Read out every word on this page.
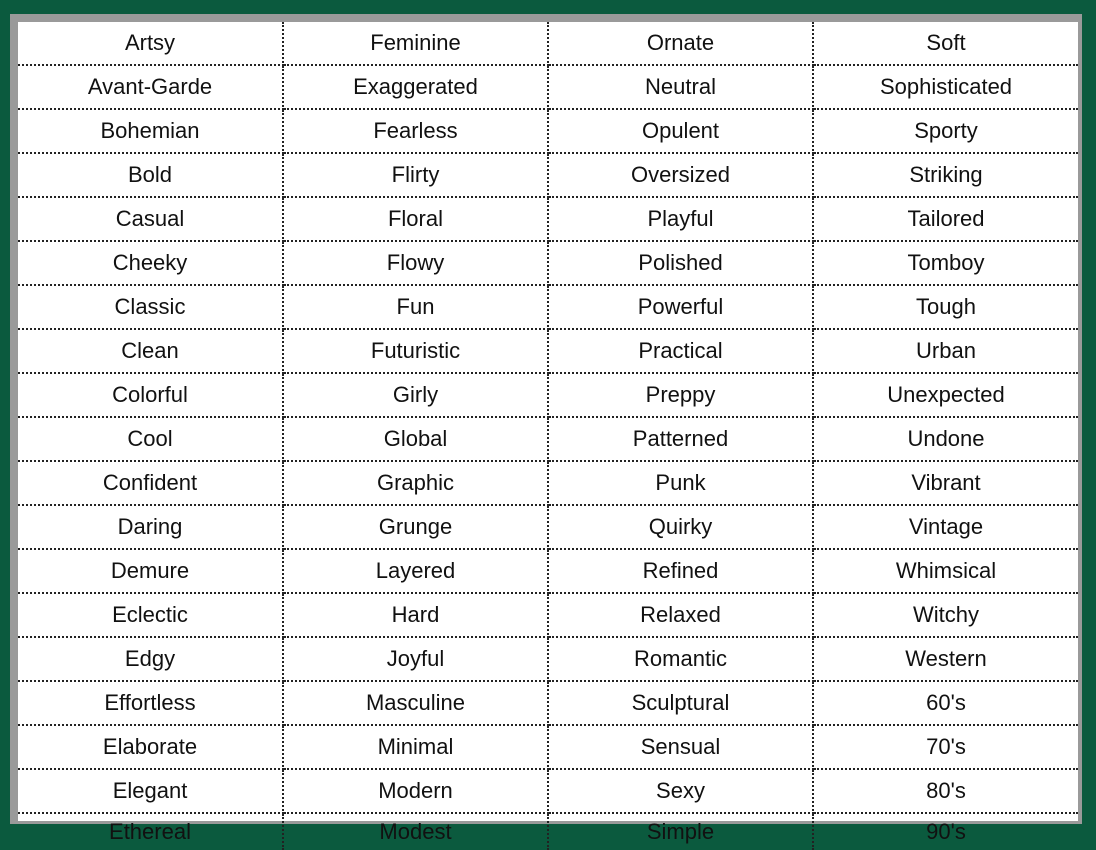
Artsy	Feminine	Ornate	Soft
Avant-Garde	Exaggerated	Neutral	Sophisticated
Bohemian	Fearless	Opulent	Sporty
Bold	Flirty	Oversized	Striking
Casual	Floral	Playful	Tailored
Cheeky	Flowy	Polished	Tomboy
Classic	Fun	Powerful	Tough
Clean	Futuristic	Practical	Urban
Colorful	Girly	Preppy	Unexpected
Cool	Global	Patterned	Undone
Confident	Graphic	Punk	Vibrant
Daring	Grunge	Quirky	Vintage
Demure	Layered	Refined	Whimsical
Eclectic	Hard	Relaxed	Witchy
Edgy	Joyful	Romantic	Western
Effortless	Masculine	Sculptural	60's
Elaborate	Minimal	Sensual	70's
Elegant	Modern	Sexy	80's
Ethereal	Modest	Simple	90's
